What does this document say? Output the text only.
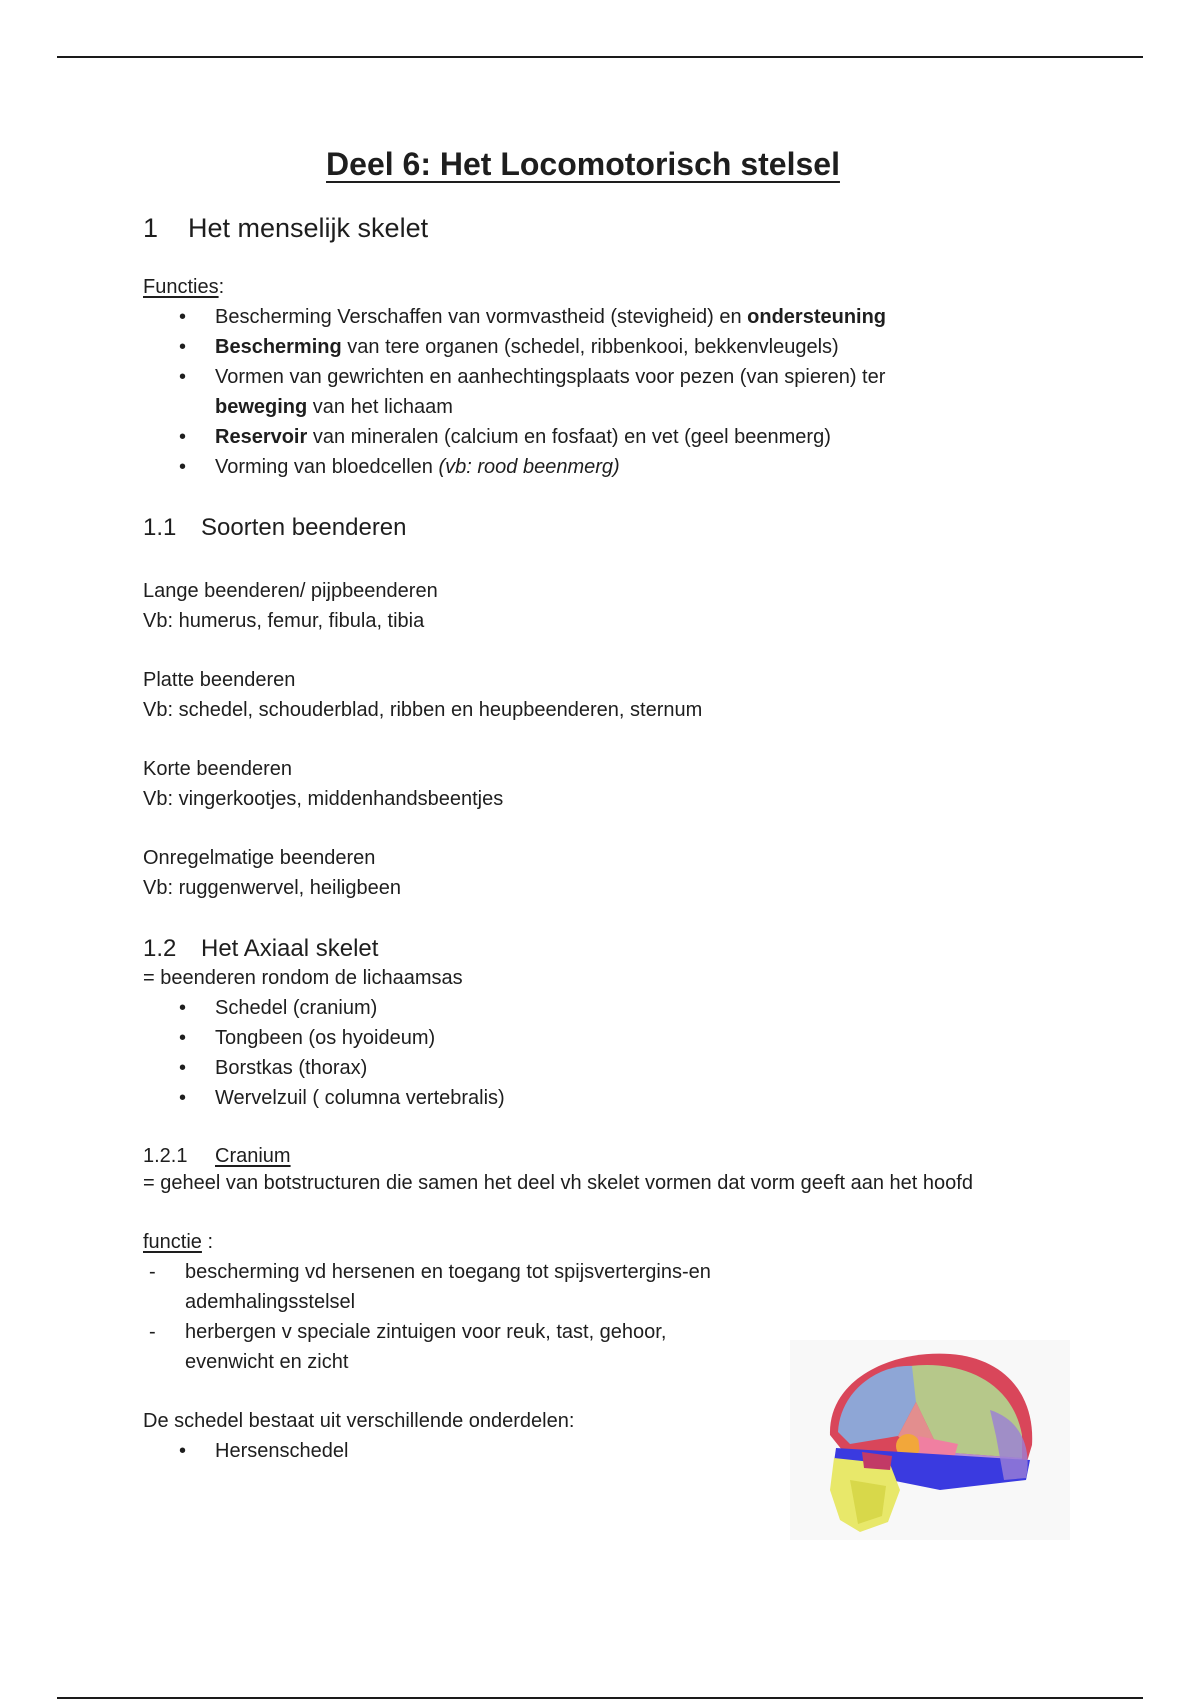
Deel 6: Het Locomotorisch stelsel
1 Het menselijk skelet

Functies:

• Bescherming Verschaffen van vormvastheid (stevigheid) en ondersteuning
• Bescherming van tere organen (schedel, ribbenkooi, bekkenvleugels)
• Vormen van gewrichten en aanhechtingsplaats voor pezen (van spieren) ter beweging van het lichaam
• Reservoir van mineralen (calcium en fosfaat) en vet (geel beenmerg)
• Vorming van bloedcellen (vb: rood beenmerg)
1.1 Soorten beenderen

Lange beenderen/ pijpbeenderen

Vb: humerus, femur, fibula, tibia

Platte beenderen

Vb: schedel, schouderblad, ribben en heupbeenderen, sternum

Korte beenderen

Vb: vingerkootjes, middenhandsbeentjes

Onregelmatige beenderen

Vb: ruggenwervel, heiligbeen

1.2 Het Axiaal skelet

= beenderen rondom de lichaamsas

• Schedel (cranium)
• Tongbeen (os hyoideum)
• Borstkas (thorax)
• Wervelzuil ( columna vertebralis)
1.2.1 Cranium

= geheel van botstructuren die samen het deel vh skelet vormen dat vorm geeft aan het hoofd

functie :

- bescherming vd hersenen en toegang tot spijsvertergins-en ademhalingsstelsel
- herbergen v speciale zintuigen voor reuk, tast, gehoor, evenwicht en zicht

De schedel bestaat uit verschillende onderdelen:

• Hersenschedel
